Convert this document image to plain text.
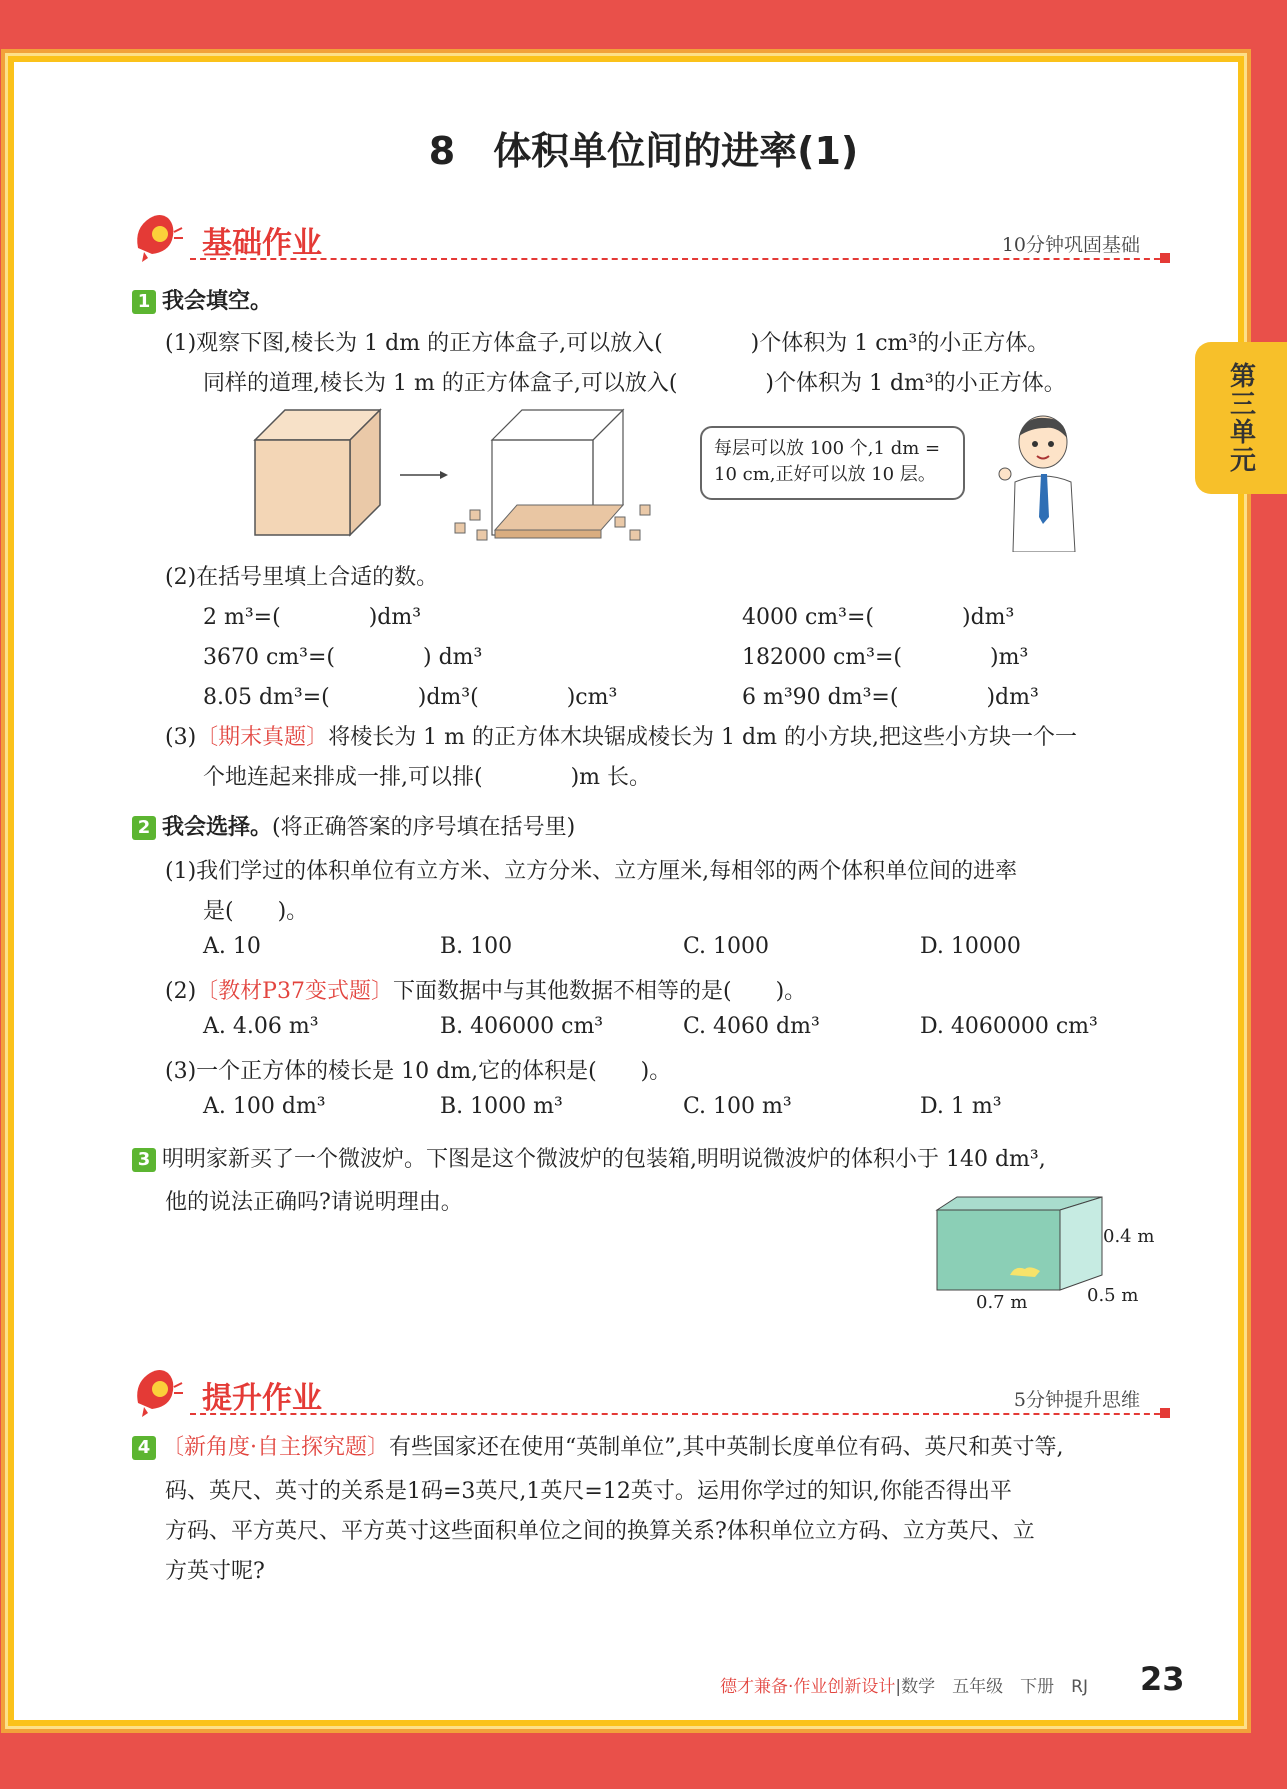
第三单元
8　体积单位间的进率(1)
基础作业	10分钟巩固基础
1 我会填空。
(1)观察下图,棱长为 1 dm 的正方体盒子,可以放入(　　　　)个体积为 1 cm³的小正方体。
同样的道理,棱长为 1 m 的正方体盒子,可以放入(　　　　)个体积为 1 dm³的小正方体。
每层可以放 100 个,1 dm = 10 cm,正好可以放 10 层。
(2)在括号里填上合适的数。
2 m³=(　　　　)dm³	4000 cm³=(　　　　)dm³
3670 cm³=(　　　　) dm³	182000 cm³=(　　　　)m³
8.05 dm³=(　　　　)dm³(　　　　)cm³	6 m³90 dm³=(　　　　)dm³
(3)〔期末真题〕将棱长为 1 m 的正方体木块锯成棱长为 1 dm 的小方块,把这些小方块一个一
个地连起来排成一排,可以排(　　　　)m 长。
2 我会选择。(将正确答案的序号填在括号里)
(1)我们学过的体积单位有立方米、立方分米、立方厘米,每相邻的两个体积单位间的进率
是(　　)。
A. 10	B. 100	C. 1000	D. 10000
(2)〔教材P37变式题〕下面数据中与其他数据不相等的是(　　)。
A. 4.06 m³	B. 406000 cm³	C. 4060 dm³	D. 4060000 cm³
(3)一个正方体的棱长是 10 dm,它的体积是(　　)。
A. 100 dm³	B. 1000 m³	C. 100 m³	D. 1 m³
3 明明家新买了一个微波炉。下图是这个微波炉的包装箱,明明说微波炉的体积小于 140 dm³,
他的说法正确吗?请说明理由。
0.4 m
0.5 m
0.7 m
提升作业	5分钟提升思维
4 〔新角度·自主探究题〕有些国家还在使用“英制单位”,其中英制长度单位有码、英尺和英寸等,
码、英尺、英寸的关系是1码=3英尺,1英尺=12英寸。运用你学过的知识,你能否得出平
方码、平方英尺、平方英寸这些面积单位之间的换算关系?体积单位立方码、立方英尺、立
方英寸呢?
德才兼备·作业创新设计|数学　五年级　下册　RJ 23
